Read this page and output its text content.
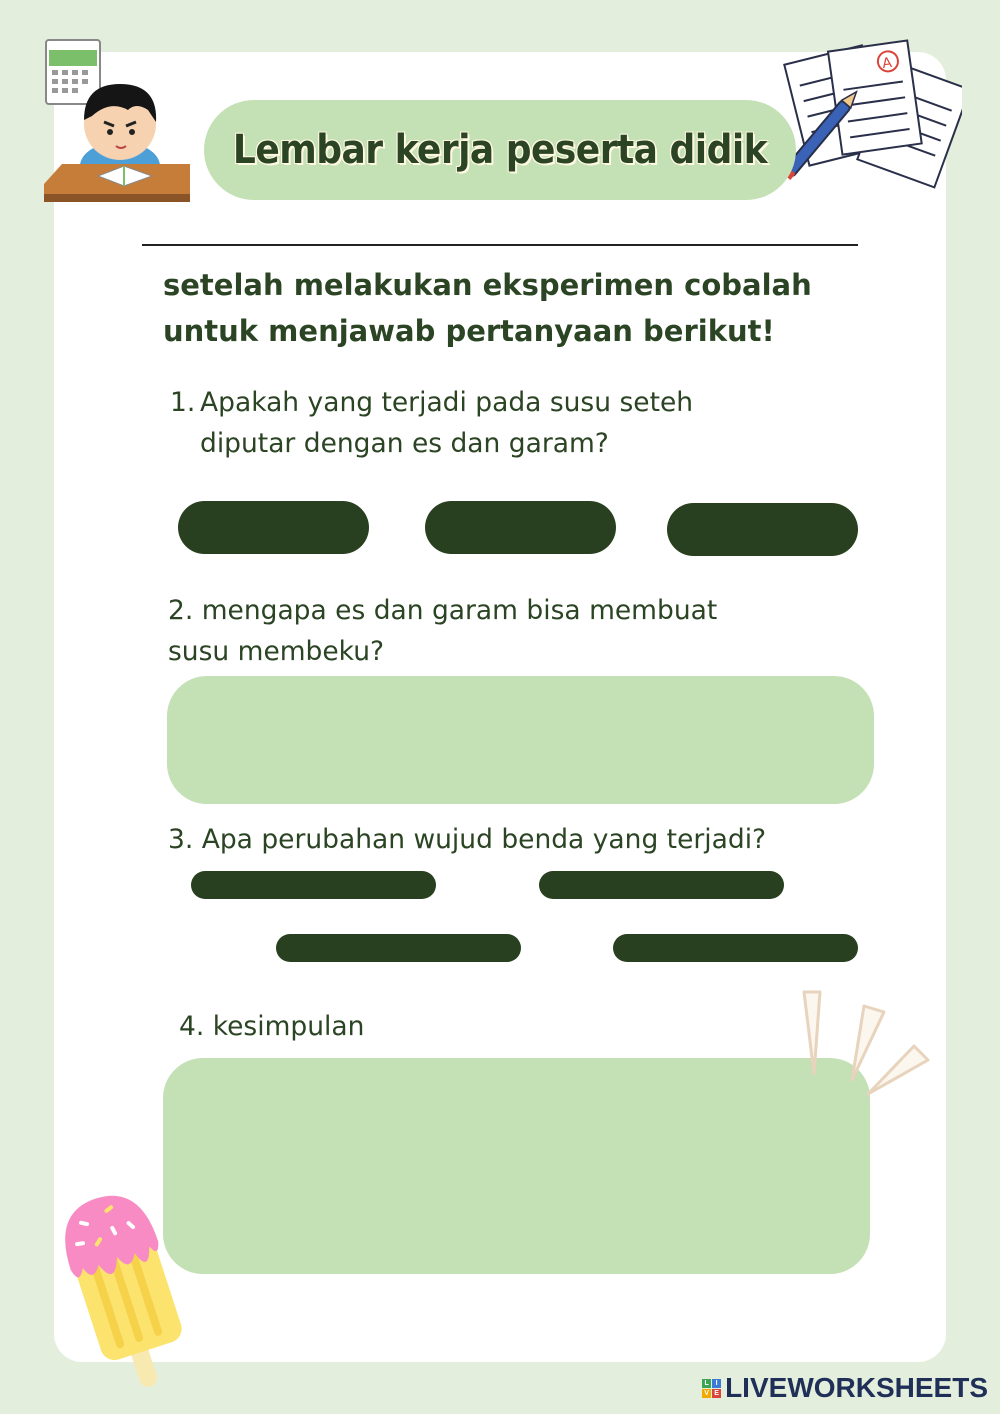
A
Lembar kerja peserta didik
setelah melakukan eksperimen cobalah untuk menjawab pertanyaan berikut!
1. Apakah yang terjadi pada susu seteh diputar dengan es dan garam?
2. mengapa es dan garam bisa membuat susu membeku?
3. Apa perubahan wujud benda yang terjadi?
4. kesimpulan
L I
V E LIVEWORKSHEETS
